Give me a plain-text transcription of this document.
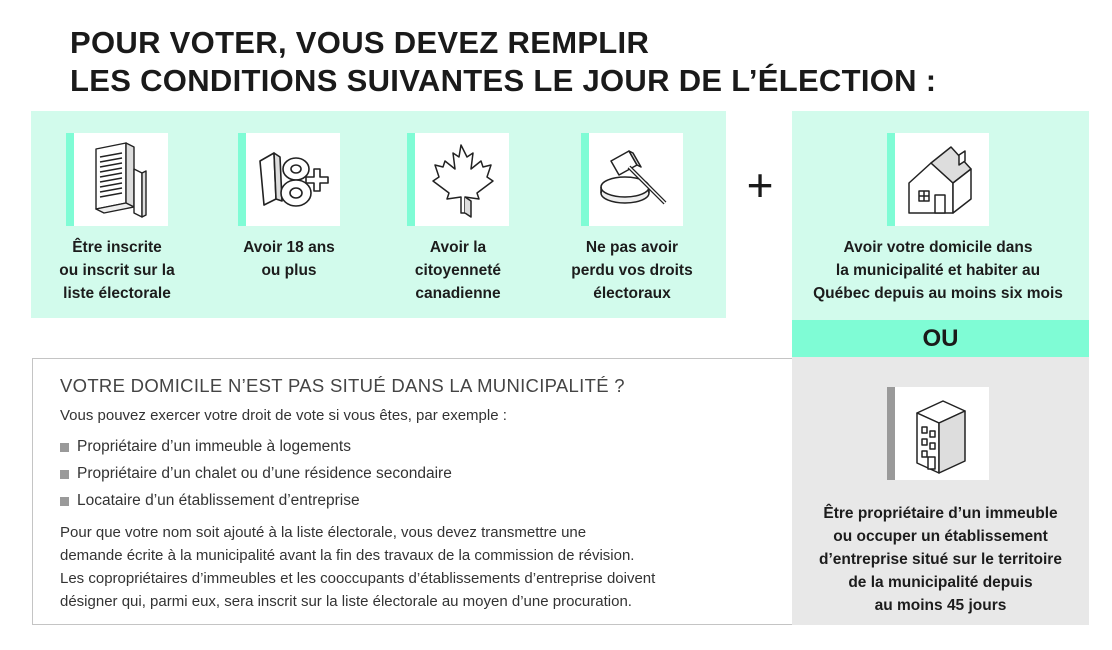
POUR VOTER, VOUS DEVEZ REMPLIR
LES CONDITIONS SUIVANTES LE JOUR DE L’ÉLECTION :
OU
Être inscrite
ou inscrit sur la
liste électorale
Avoir 18 ans
ou plus
Avoir la
citoyenneté
canadienne
Ne pas avoir
perdu vos droits
électoraux
+
Avoir votre domicile dans
la municipalité et habiter au
Québec depuis au moins six mois
VOTRE DOMICILE N’EST PAS SITUÉ DANS LA MUNICIPALITÉ ?
Vous pouvez exercer votre droit de vote si vous êtes, par exemple :
Propriétaire d’un immeuble à logements
Propriétaire d’un chalet ou d’une résidence secondaire
Locataire d’un établissement d’entreprise
Pour que votre nom soit ajouté à la liste électorale, vous devez transmettre une
demande écrite à la municipalité avant la fin des travaux de la commission de révision.
Les copropriétaires d’immeubles et les cooccupants d’établissements d’entreprise doivent
désigner qui, parmi eux, sera inscrit sur la liste électorale au moyen d’une procuration.
Être propriétaire d’un immeuble
ou occuper un établissement
d’entreprise situé sur le territoire
de la municipalité depuis
au moins 45 jours
